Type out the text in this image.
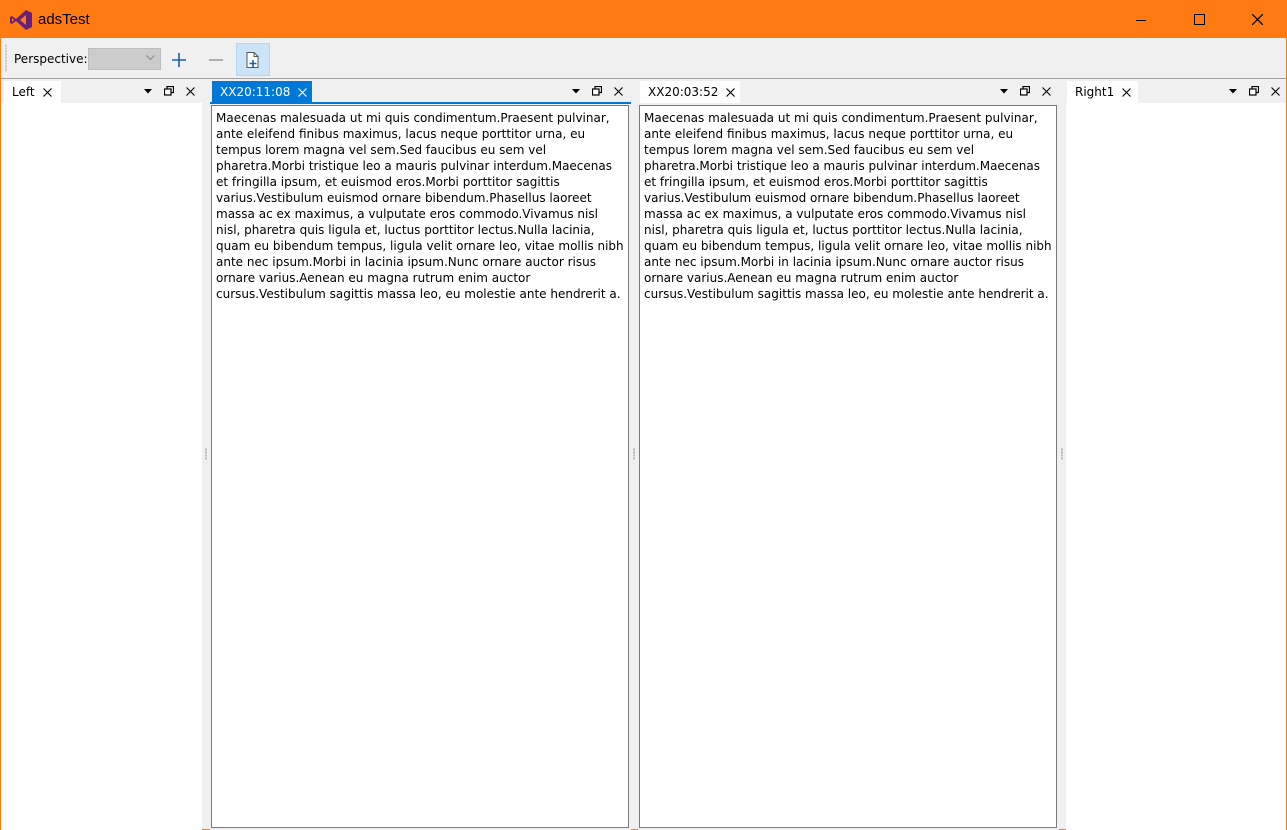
adsTest
Perspective:
Left	XX20:11:08
Maecenas malesuada ut mi quis condimentum.Praesent pulvinar, ante eleifend finibus maximus, lacus neque porttitor urna, eu tempus lorem magna vel sem.Sed faucibus eu sem vel pharetra.Morbi tristique leo a mauris pulvinar interdum.Maecenas et fringilla ipsum, et euismod eros.Morbi porttitor sagittis varius.Vestibulum euismod ornare bibendum.Phasellus laoreet massa ac ex maximus, a vulputate eros commodo.Vivamus nisl nisl, pharetra quis ligula et, luctus porttitor lectus.Nulla lacinia, quam eu bibendum tempus, ligula velit ornare leo, vitae mollis nibh ante nec ipsum.Morbi in lacinia ipsum.Nunc ornare auctor risus ornare varius.Aenean eu magna rutrum enim auctor cursus.Vestibulum sagittis massa leo, eu molestie ante hendrerit a.
XX20:03:52
Maecenas malesuada ut mi quis condimentum.Praesent pulvinar, ante eleifend finibus maximus, lacus neque porttitor urna, eu tempus lorem magna vel sem.Sed faucibus eu sem vel pharetra.Morbi tristique leo a mauris pulvinar interdum.Maecenas et fringilla ipsum, et euismod eros.Morbi porttitor sagittis varius.Vestibulum euismod ornare bibendum.Phasellus laoreet massa ac ex maximus, a vulputate eros commodo.Vivamus nisl nisl, pharetra quis ligula et, luctus porttitor lectus.Nulla lacinia, quam eu bibendum tempus, ligula velit ornare leo, vitae mollis nibh ante nec ipsum.Morbi in lacinia ipsum.Nunc ornare auctor risus ornare varius.Aenean eu magna rutrum enim auctor cursus.Vestibulum sagittis massa leo, eu molestie ante hendrerit a.
Right1
